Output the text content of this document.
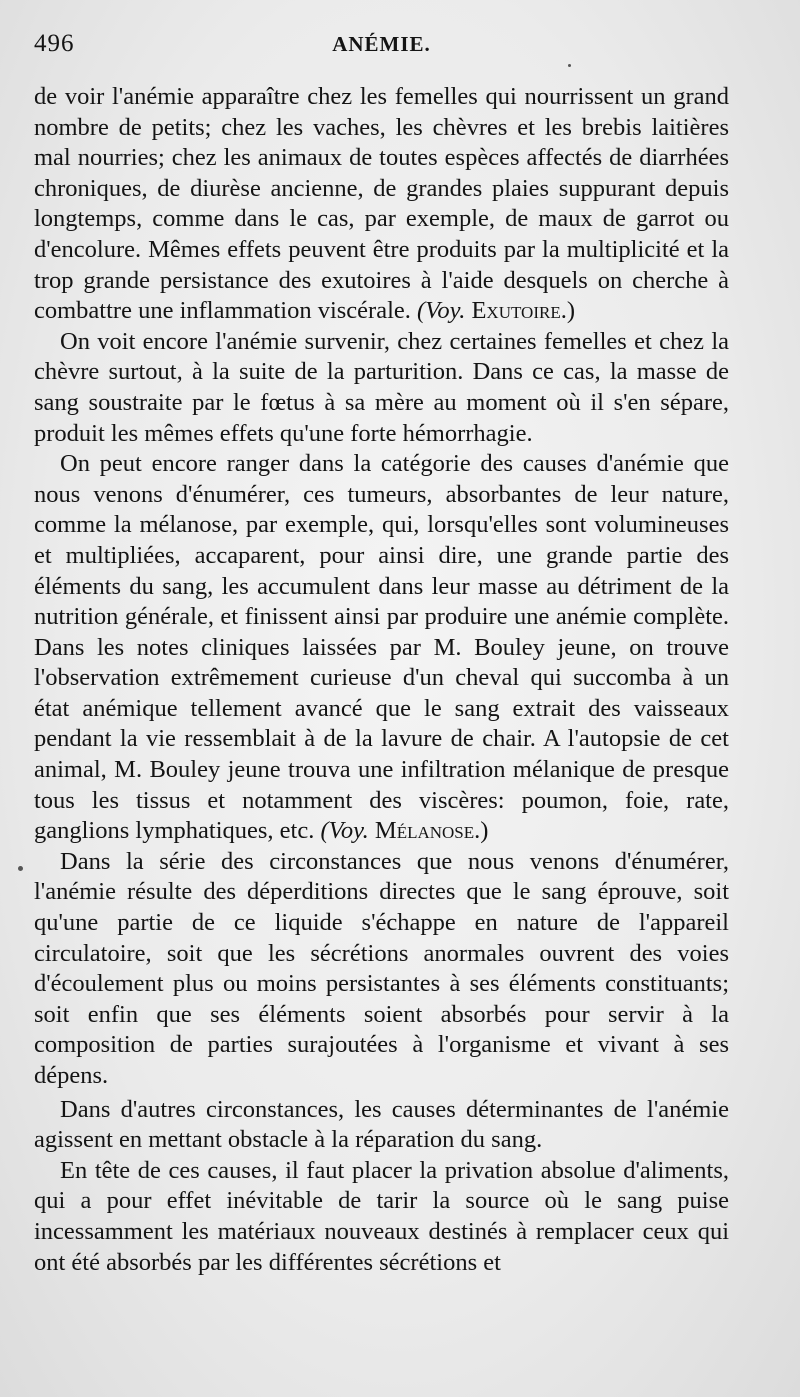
496	ANÉMIE.

de voir l'anémie apparaître chez les femelles qui nourrissent un grand nombre de petits; chez les vaches, les chèvres et les brebis laitières mal nourries; chez les animaux de toutes espèces affectés de diarrhées chroniques, de diurèse ancienne, de grandes plaies suppurant depuis longtemps, comme dans le cas, par exemple, de maux de garrot ou d'encolure. Mêmes effets peuvent être produits par la multiplicité et la trop grande persistance des exutoires à l'aide desquels on cherche à combattre une inflammation viscérale. (Voy. Exutoire.)

On voit encore l'anémie survenir, chez certaines femelles et chez la chèvre surtout, à la suite de la parturition. Dans ce cas, la masse de sang soustraite par le fœtus à sa mère au moment où il s'en sépare, produit les mêmes effets qu'une forte hémorrhagie.

On peut encore ranger dans la catégorie des causes d'anémie que nous venons d'énumérer, ces tumeurs, absorbantes de leur nature, comme la mélanose, par exemple, qui, lorsqu'elles sont volumineuses et multipliées, accaparent, pour ainsi dire, une grande partie des éléments du sang, les accumulent dans leur masse au détriment de la nutrition générale, et finissent ainsi par produire une anémie complète. Dans les notes cliniques laissées par M. Bouley jeune, on trouve l'observation extrêmement curieuse d'un cheval qui succomba à un état anémique tellement avancé que le sang extrait des vaisseaux pendant la vie ressemblait à de la lavure de chair. A l'autopsie de cet animal, M. Bouley jeune trouva une infiltration mélanique de presque tous les tissus et notamment des viscères: poumon, foie, rate, ganglions lymphatiques, etc. (Voy. Mélanose.)

Dans la série des circonstances que nous venons d'énumérer, l'anémie résulte des déperditions directes que le sang éprouve, soit qu'une partie de ce liquide s'échappe en nature de l'appareil circulatoire, soit que les sécrétions anormales ouvrent des voies d'écoulement plus ou moins persistantes à ses éléments constituants; soit enfin que ses éléments soient absorbés pour servir à la composition de parties surajoutées à l'organisme et vivant à ses dépens.

Dans d'autres circonstances, les causes déterminantes de l'anémie agissent en mettant obstacle à la réparation du sang.

En tête de ces causes, il faut placer la privation absolue d'aliments, qui a pour effet inévitable de tarir la source où le sang puise incessamment les matériaux nouveaux destinés à remplacer ceux qui ont été absorbés par les différentes sécrétions et
